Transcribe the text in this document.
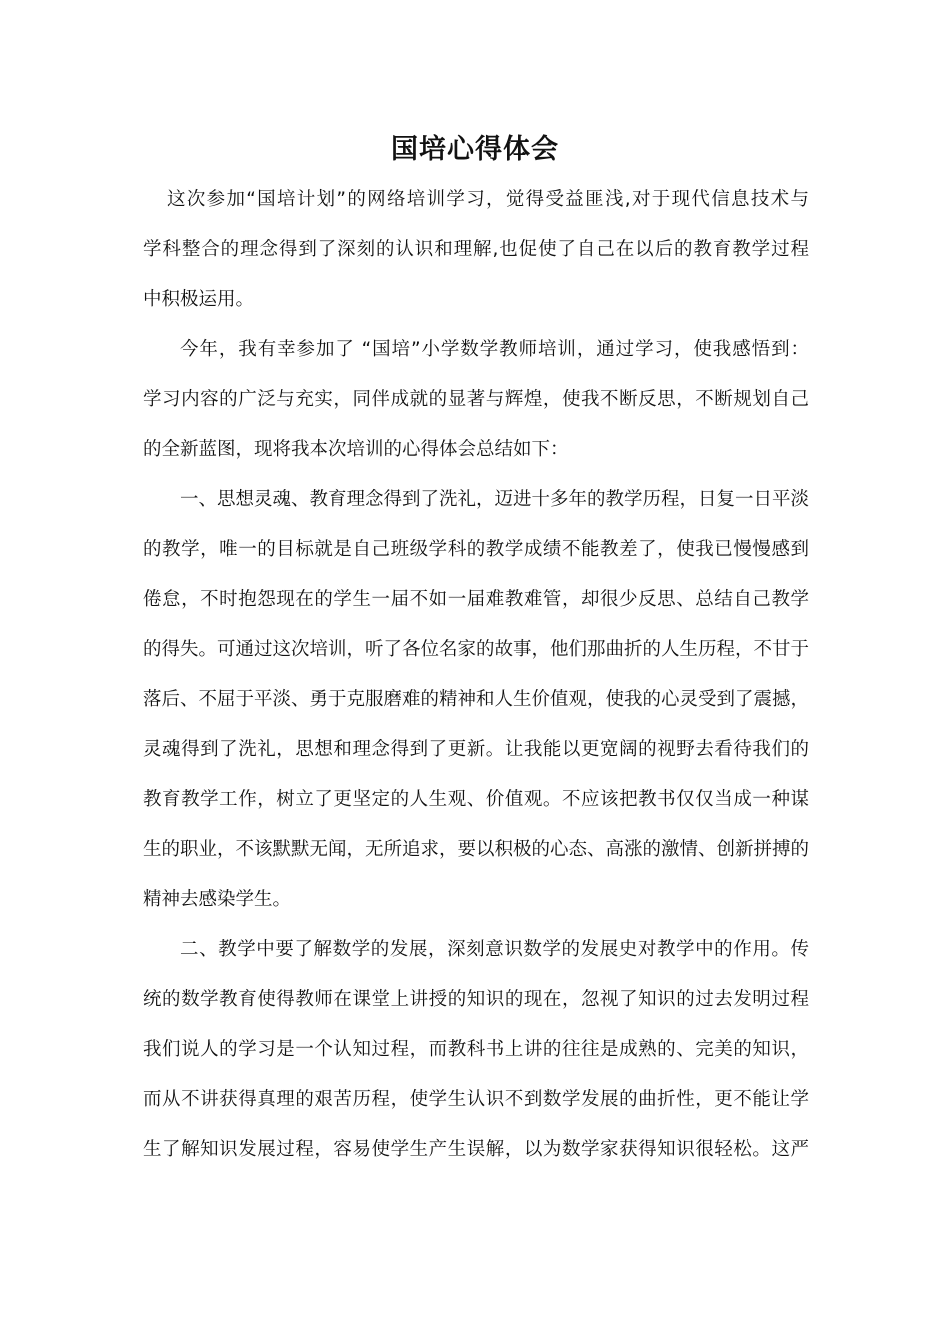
国培心得体会
这次参加“国培计划”的网络培训学习，觉得受益匪浅,对于现代信息技术与
学科整合的理念得到了深刻的认识和理解,也促使了自己在以后的教育教学过程
中积极运用。
今年，我有幸参加了 “国培”小学数学教师培训，通过学习，使我感悟到：
学习内容的广泛与充实，同伴成就的显著与辉煌，使我不断反思，不断规划自己
的全新蓝图，现将我本次培训的心得体会总结如下：
一、思想灵魂、教育理念得到了洗礼，迈进十多年的教学历程，日复一日平淡
的教学，唯一的目标就是自己班级学科的教学成绩不能教差了，使我已慢慢感到
倦怠，不时抱怨现在的学生一届不如一届难教难管，却很少反思、总结自己教学
的得失。可通过这次培训，听了各位名家的故事，他们那曲折的人生历程，不甘于
落后、不屈于平淡、勇于克服磨难的精神和人生价值观，使我的心灵受到了震撼，
灵魂得到了洗礼，思想和理念得到了更新。让我能以更宽阔的视野去看待我们的
教育教学工作，树立了更坚定的人生观、价值观。不应该把教书仅仅当成一种谋
生的职业，不该默默无闻，无所追求，要以积极的心态、高涨的激情、创新拼搏的
精神去感染学生。
二、教学中要了解数学的发展，深刻意识数学的发展史对教学中的作用。传
统的数学教育使得教师在课堂上讲授的知识的现在，忽视了知识的过去发明过程
我们说人的学习是一个认知过程，而教科书上讲的往往是成熟的、完美的知识，
而从不讲获得真理的艰苦历程，使学生认识不到数学发展的曲折性，更不能让学
生了解知识发展过程，容易使学生产生误解，以为数学家获得知识很轻松。这严
